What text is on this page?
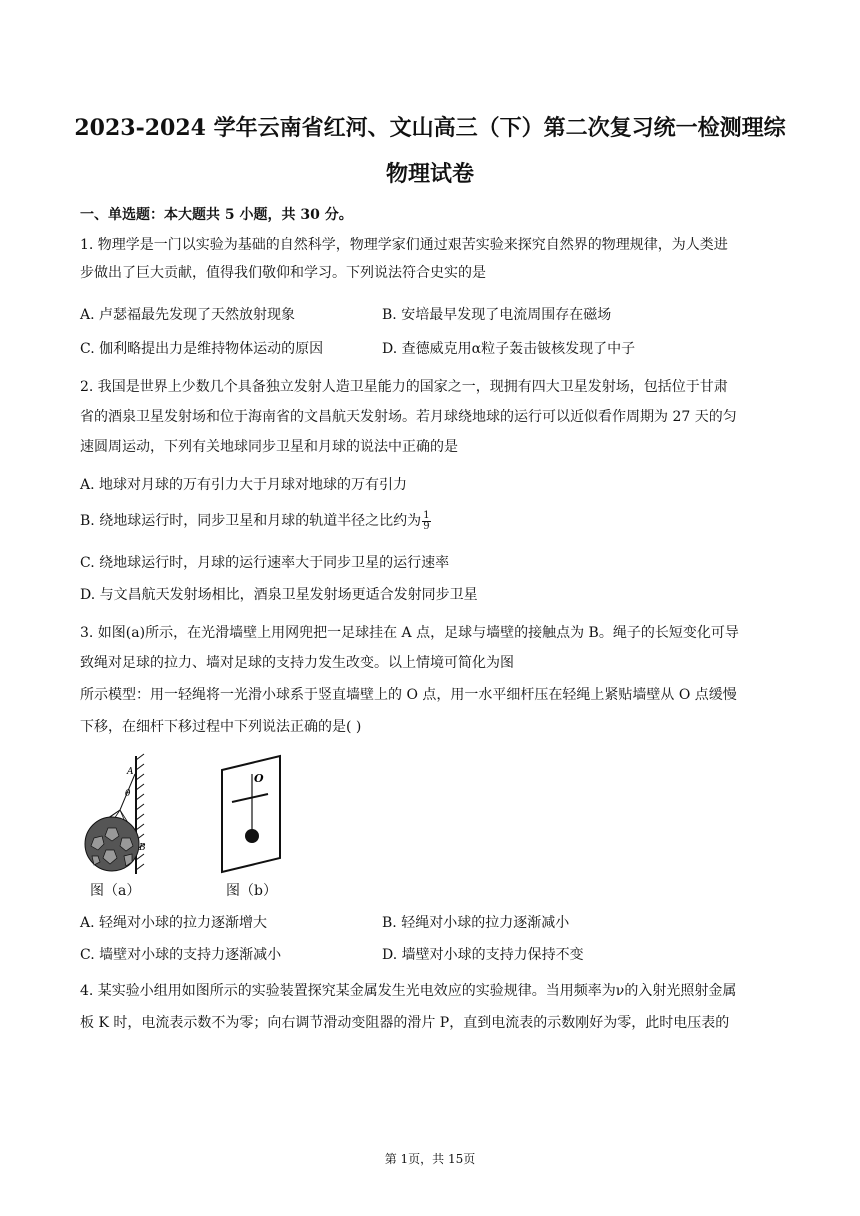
2023-2024 学年云南省红河、文山高三（下）第二次复习统一检测理综
物理试卷
一、单选题：本大题共 5 小题，共 30 分。
1. 物理学是一门以实验为基础的自然科学，物理学家们通过艰苦实验来探究自然界的物理规律，为人类进
步做出了巨大贡献，值得我们敬仰和学习。下列说法符合史实的是
A. 卢瑟福最先发现了天然放射现象	B. 安培最早发现了电流周围存在磁场
C. 伽利略提出力是维持物体运动的原因	D. 查德威克用α粒子轰击铍核发现了中子
2. 我国是世界上少数几个具备独立发射人造卫星能力的国家之一，现拥有四大卫星发射场，包括位于甘肃
省的酒泉卫星发射场和位于海南省的文昌航天发射场。若月球绕地球的运行可以近似看作周期为 27 天的匀
速圆周运动，下列有关地球同步卫星和月球的说法中正确的是
A. 地球对月球的万有引力大于月球对地球的万有引力
B. 绕地球运行时，同步卫星和月球的轨道半径之比约为 $\frac{1}{9}$
C. 绕地球运行时，月球的运行速率大于同步卫星的运行速率
D. 与文昌航天发射场相比，酒泉卫星发射场更适合发射同步卫星
3. 如图(a)所示，在光滑墙壁上用网兜把一足球挂在 A 点，足球与墙壁的接触点为 B。绳子的长短变化可导
致绳对足球的拉力、墙对足球的支持力发生改变。以上情境可简化为图
所示模型：用一轻绳将一光滑小球系于竖直墙壁上的 O 点，用一水平细杆压在轻绳上紧贴墙壁从 O 点缓慢
下移，在细杆下移过程中下列说法正确的是( )
A
θ
B
图（a）
O
图（b）
A. 轻绳对小球的拉力逐渐增大	B. 轻绳对小球的拉力逐渐减小
C. 墙壁对小球的支持力逐渐减小	D. 墙壁对小球的支持力保持不变
4. 某实验小组用如图所示的实验装置探究某金属发生光电效应的实验规律。当用频率为ν的入射光照射金属
板 K 时，电流表示数不为零；向右调节滑动变阻器的滑片 P，直到电流表的示数刚好为零，此时电压表的
第 1页，共 15页
